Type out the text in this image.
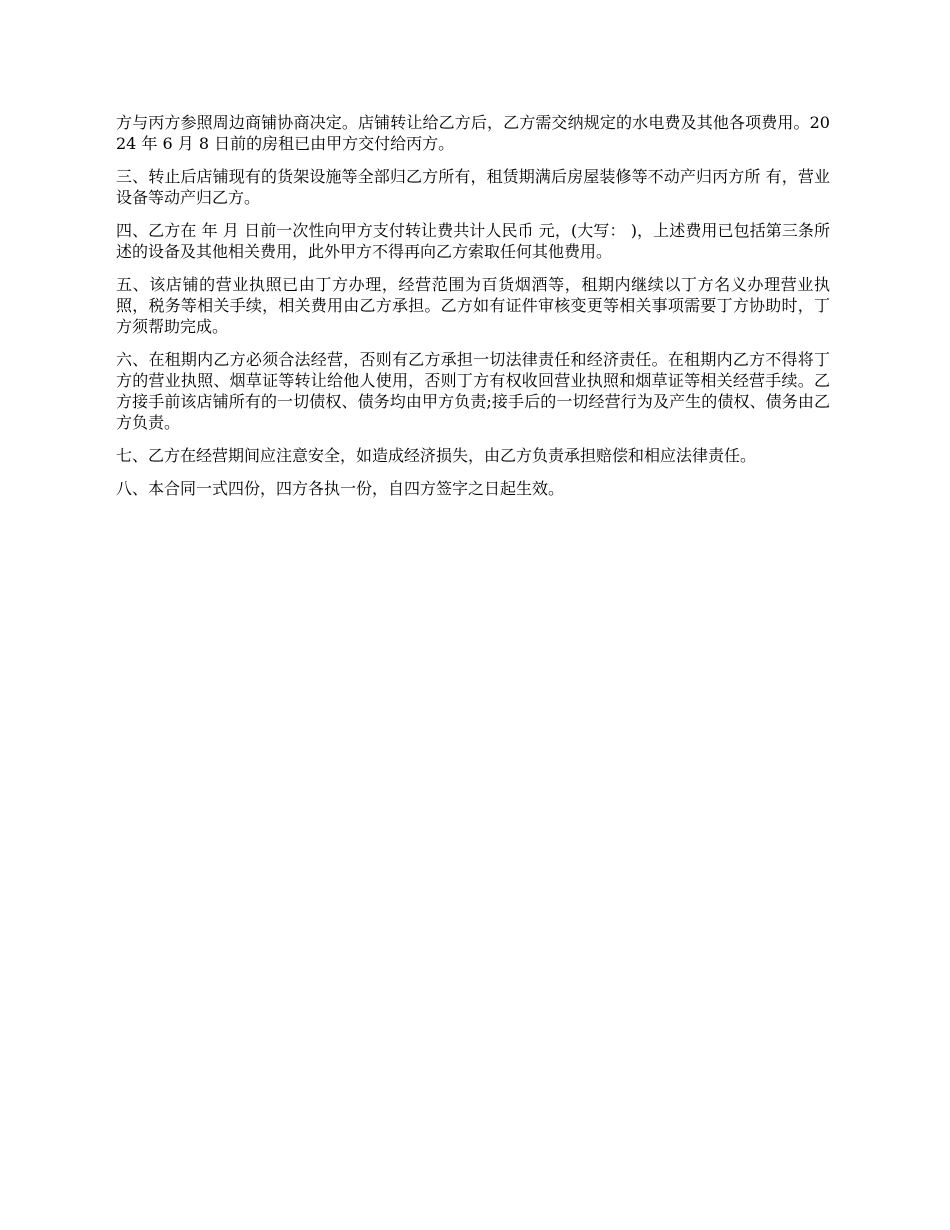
方与丙方参照周边商铺协商决定。店铺转让给乙方后，乙方需交纳规定的水电费及其他各项费用。2024 年 6 月 8 日前的房租已由甲方交付给丙方。

三、转止后店铺现有的货架设施等全部归乙方所有，租赁期满后房屋装修等不动产归丙方所 有，营业设备等动产归乙方。

四、乙方在 年 月 日前一次性向甲方支付转让费共计人民币 元，(大写： )，上述费用已包括第三条所述的设备及其他相关费用，此外甲方不得再向乙方索取任何其他费用。

五、该店铺的营业执照已由丁方办理，经营范围为百货烟酒等，租期内继续以丁方名义办理营业执照，税务等相关手续，相关费用由乙方承担。乙方如有证件审核变更等相关事项需要丁方协助时，丁方须帮助完成。

六、在租期内乙方必须合法经营，否则有乙方承担一切法律责任和经济责任。在租期内乙方不得将丁方的营业执照、烟草证等转让给他人使用，否则丁方有权收回营业执照和烟草证等相关经营手续。乙方接手前该店铺所有的一切债权、债务均由甲方负责;接手后的一切经营行为及产生的债权、债务由乙方负责。

七、乙方在经营期间应注意安全，如造成经济损失，由乙方负责承担赔偿和相应法律责任。

八、本合同一式四份，四方各执一份，自四方签字之日起生效。
